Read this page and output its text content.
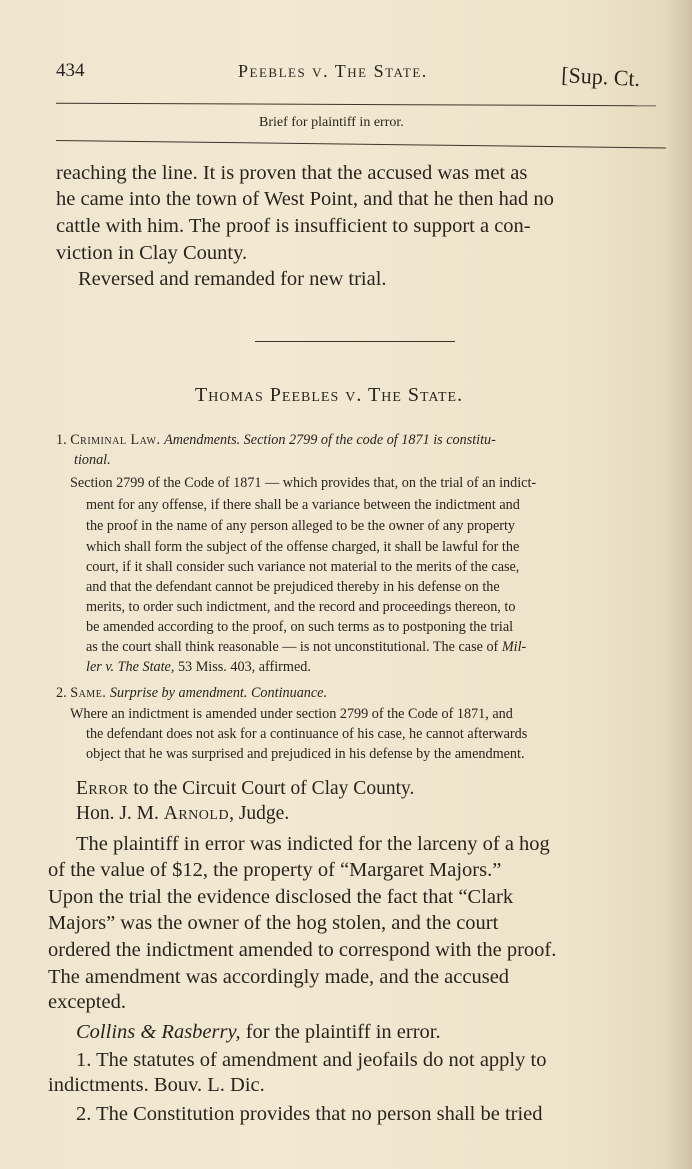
434	Peebles v. The State.	[Sup. Ct.
Brief for plaintiff in error.
reaching the line. It is proven that the accused was met as
he came into the town of West Point, and that he then had no
cattle with him. The proof is insufficient to support a con-
viction in Clay County.
Reversed and remanded for new trial.
Thomas Peebles v. The State.
1. Criminal Law. Amendments. Section 2799 of the code of 1871 is constitu-
tional.
Section 2799 of the Code of 1871 — which provides that, on the trial of an indict-
ment for any offense, if there shall be a variance between the indictment and
the proof in the name of any person alleged to be the owner of any property
which shall form the subject of the offense charged, it shall be lawful for the
court, if it shall consider such variance not material to the merits of the case,
and that the defendant cannot be prejudiced thereby in his defense on the
merits, to order such indictment, and the record and proceedings thereon, to
be amended according to the proof, on such terms as to postponing the trial
as the court shall think reasonable — is not unconstitutional. The case of Mil-
ler v. The State, 53 Miss. 403, affirmed.
2. Same. Surprise by amendment. Continuance.
Where an indictment is amended under section 2799 of the Code of 1871, and
the defendant does not ask for a continuance of his case, he cannot afterwards
object that he was surprised and prejudiced in his defense by the amendment.
Error to the Circuit Court of Clay County.
Hon. J. M. Arnold, Judge.
The plaintiff in error was indicted for the larceny of a hog
of the value of $12, the property of “Margaret Majors.”
Upon the trial the evidence disclosed the fact that “Clark
Majors” was the owner of the hog stolen, and the court
ordered the indictment amended to correspond with the proof.
The amendment was accordingly made, and the accused
excepted.
Collins & Rasberry, for the plaintiff in error.
1. The statutes of amendment and jeofails do not apply to
indictments. Bouv. L. Dic.
2. The Constitution provides that no person shall be tried
